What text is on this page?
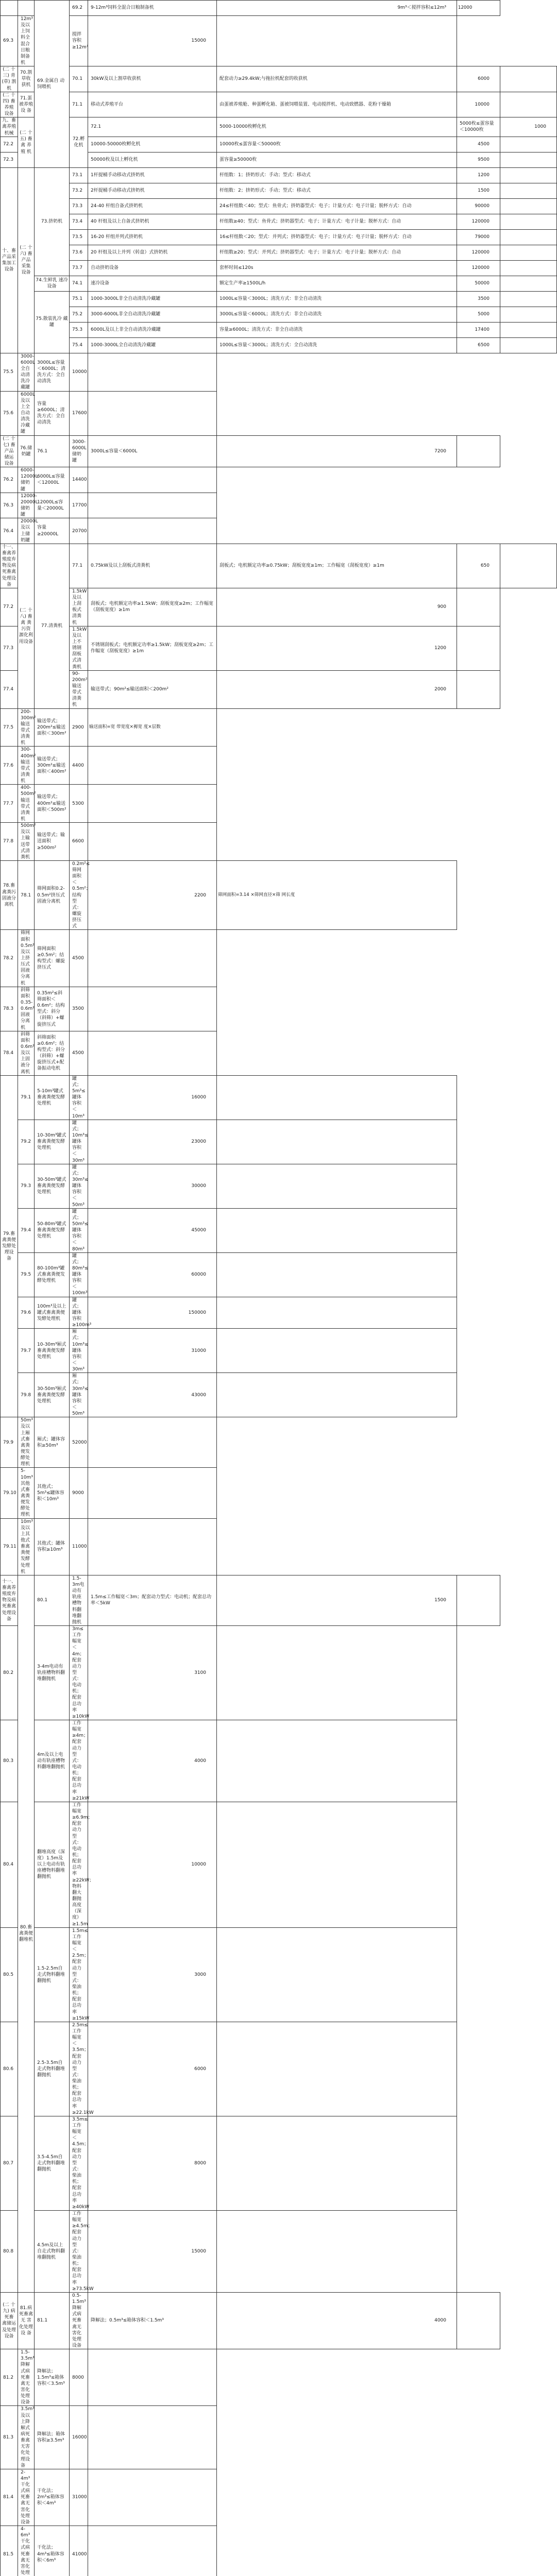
		69.金属自 动饲喂机	69.2	9-12m³饲料全混合日粮制备机	9m³＜搅拌容积≤12m³	12000		
69.3	12m³及以上饲料全混合日粮制备机		搅拌容积≥12m³	15000				
(二 十 三) 青 (草) 割 机	70.割草收 获机		70.1	30kW及以上割草收获机	配套动力≥29.4kW;与拖拉机配套的收获机	6000		
(二 十 四) 畜 养殖 设备	71.蛋被养殖设 备		71.1	移动式养殖平台	由蛋被养殖舱、种蛋孵化箱、蛋被饲喂装置、电动搅拌机、电动致燃器、花粉干燥箱	10000		
九、畜 禽养殖 机械	(二 十 五) 畜禽 养殖 机		72.孵化机	72.1	5000-10000枚孵化机	5000枚≤蛋容量＜10000枚	1000	
72.2				10000-50000枚孵化机	10000枚≤蛋容量＜50000枚	4500		
72.3				50000枚及以上孵化机	蛋容量≥50000枚	9500		
十、畜 产品采 集加工 设备	(二 十 六) 畜产品 采集 设备	73.挤奶机	73.1	1杆提桶手动移动式挤奶机	杆组数：1；挤奶形式：手动；型式：移动式	1200		
			73.2	2杆提桶手动移动式挤奶机	杆组数：2；挤奶形式：手动；型式：移动式	1500		
			73.3	24-40 杆组自备式挤奶机	24≤杆组数＜40；型式：鱼骨式；挤奶器型式：电子；计量方式：电子计量；脱杯方式：自动	90000		
			73.4	40 杆组及以上自备式挤奶机	杆组数≥40；型式：鱼骨式；挤奶器型式：电子；计量方式：电子计量；脱杯方式：自动	120000		
			73.5	16-20 杆组并列式挤奶机	16≤杆组数＜20；型式：并列式；挤奶器型式：电子；计量方式：电子计量；脱杯方式：自动	79000		
			73.6	20 杆组及以上并列（转盘）式挤奶机	杆组数≥20；型式：并列式；挤奶器型式：电子；计量方式：电子计量；脱杯方式：自动	120000		
			73.7	自动挤奶设备	套杯时间≤120s	120000		
		74.生鲜乳 速冷设备	74.1	速冷设备	额定生产率≥1500L/h	50000		
		75.散装乳冷 藏罐	75.1	1000-3000L非全自动清洗冷藏罐	1000L≤容量＜3000L；清洗方式：非全自动清洗	3500		
			75.2	3000-6000L非全自动清洗冷藏罐	3000L≤容量＜6000L；清洗方式：非全自动清洗	5000		
			75.3	6000L及以上非全自动清洗冷藏罐	容量≥6000L；清洗方式：非全自动清洗	17400		
			75.4	1000-3000L全自动清洗冷藏罐	1000L≤容量＜3000L；清洗方式：全自动清洗	6500		
75.5	3000-6000L全自动清洗冷藏罐	3000L≤容量＜6000L；清洗方式：全自动清洗	10000					
75.6	6000L及以上全自动清洗冷藏罐	容量≥6000L；清洗方式：全自动清洗	17600					
(二 十 七) 畜产品 储运 设备	76.储奶罐	76.1	3000-6000L储奶罐	3000L≤容量＜6000L	7200			
76.2	6000-12000L储奶罐	6000L≤容量＜12000L	14400					
76.3	12000-20000L储奶罐	12000L≤容量＜20000L	17700					
76.4	20000L及以上储奶罐	容量≥20000L	20700					
十一、 畜禽养 殖废弃 物及病 死畜禽 处理设 备	(二 十 八) 畜禽 粪污资 源化利 用设备	77.清粪机	77.1	0.75kW及以上刮板式清粪机	刮板式；电机额定功率≥0.75kW；刮板宽度≥1m；工作幅宽（刮板宽度）≥1m	650		
77.2			1.5kW及以上刮板式清粪机	刮板式；电机额定功率≥1.5kW；刮板宽度≥2m；工作幅宽（刮板宽度）≥1m	900			
77.3			1.5kW及以上不锈钢刮板式清粪机	不锈钢刮板式；电机额定功率≥1.5kW；刮板宽度≥2m；工作幅宽（刮板宽度）≥1m	1200			
77.4			90-200m²输送带式清粪机	输送带式；90m²≤输送面积＜200m²	2000			
77.5	200-300m²输送带式清粪机	输送带式；200m²≤输送面积＜300m²	2900	输送面积=宽 带宽度×褥宽 度×层数				
77.6	300-400m²输送带式清粪机	输送带式；300m²≤输送面积＜400m²	4400					
77.7	400-500m²输送带式清粪机	输送带式；400m²≤输送面积＜500m²	5300					
77.8	500m²及以上输送带式清粪机	输送带式；输送面积≥500m²	6600					
78.畜禽粪污 固液分离机	78.1	筛网面积0.2-0.5m²挤压式固液分离机	0.2m²≤筛网面积＜0.5m²；结构型式：螺旋挤压式	2200	筛网面积=3.14 ×筛网直径×筛 网长度			
78.2	筛网面积0.5m²及以上挤压式固液分离机	筛网面积≥0.5m²；结构型式：螺旋挤压式	4500					
78.3	斜筛面积0.35-0.6m²固液分离机	0.35m²≤斜筛面积＜0.6m²；结构型式：斜分（斜筛）+螺旋挤压式	3500					
78.4	斜筛面积0.6m²及以上固液分离机	斜筛面积≥0.6m²；结构型式：斜分（斜筛）+螺旋挤压式+配备振动电机	4500					
79.畜禽粪便 发酵处理设 备	79.1	5-10m³罐式畜禽粪便发酵处理机	罐式；5m³≤罐体容积＜10m³	16000				
	79.2	10-30m³罐式畜禽粪便发酵处理机	罐式；10m³≤罐体容积＜30m³	23000				
	79.3	30-50m³罐式畜禽粪便发酵处理机	罐式；30m³≤罐体容积＜50m³	30000				
	79.4	50-80m³罐式畜禽粪便发酵处理机	罐式；50m³≤罐体容积＜80m³	45000				
	79.5	80-100m³罐式畜禽粪便发酵处理机	罐式；80m³≤罐体容积＜100m³	60000				
	79.6	100m³及以上罐式畜禽粪便发酵处理机	罐式；罐体容积≥100m³	150000				
	79.7	10-30m³厢式畜禽粪便发酵处理机	厢式；10m³≤罐体容积＜30m³	31000				
	79.8	30-50m³厢式畜禽粪便发酵处理机	厢式；30m³≤罐体容积＜50m³	43000				
79.9	50m³及以上厢式畜禽粪便发酵处理机	厢式；罐体容积≥50m³	52000					
79.10	5-10m³其他式畜禽粪便发酵处理机	其他式；5m³≤罐体容积＜10m³	9000					
79.11	10m³及以上其他式畜禽粪便发酵处理机	其他式；罐体容积≥10m³	11000					
十一、 畜禽养 殖废弃 物及病 死畜禽 处理设 备	80.畜禽粪便 翻堆机	80.1	1.5-3m电动有轨座槽物料翻堆翻抛机	1.5m≤工作幅宽＜3m；配套动力型式：电动机；配套总功率＜5kW	1500			
80.2		3-4m电动有轨座槽物料翻堆翻抛机	3m≤工作幅宽＜4m；配套动力型式：电动机；配套总功率≥10kW	3100				
80.3		4m及以上电动有轨座槽物料翻堆翻抛机	工作幅宽≥4m；配套动力型式：电动机；配套总功率≥21kW	4000				
80.4		翻堆高度（深度）1.5m及以上电动有轨座槽物料翻堆翻抛机	工作幅宽≥6.9m；配套动力型式：电动机；配套总功率≥22kW；物料翻大翻抛高度（深度）≥1.5m	10000				
80.5		1.5-2.5m自走式物料翻堆翻抛机	1.5m≤工作幅宽＜2.5m；配套动力型式：柴油机；配套总功率≥15kW	3000				
80.6		2.5-3.5m自走式物料翻堆翻抛机	2.5m≤工作幅宽＜3.5m；配套动力型式：柴油机；配套总功率≥22.1kW	6000				
80.7		3.5-4.5m自走式物料翻堆翻抛机	3.5m≤工作幅宽＜4.5m；配套动力型式：柴油机；配套总功率≥40kW	8000				
80.8		4.5m及以上自走式物料翻堆翻抛机	工作幅宽≥4.5m；配套动力型式：柴油机；配套总功率≥73.5kW	15000				
(二 十 九) 病死畜 禽储运 及处理 设备	81.病死畜禽无 害化处理设 备	81.1	0.5-1.5m³降解式病死畜禽无害化处理设备	降解法；0.5m³≤箱体容积＜1.5m³	4000			
81.2	1.5-3.5m³降解式病死畜禽无害化处理设备	降解法；1.5m³≤箱体容积＜3.5m³	8000					
81.3	3.5m³及以上降解式病死畜禽无害化处理设备	降解法；箱体容积≥3.5m³	16000					
81.4	2-4m³干化式病死畜禽无害化处理设备	干化法；2m³≤箱体容积＜4m³	31000					
81.5	4-6m³干化式病死畜禽无害化处理	干化法；4m³≤箱体容积＜6m³	41000					
